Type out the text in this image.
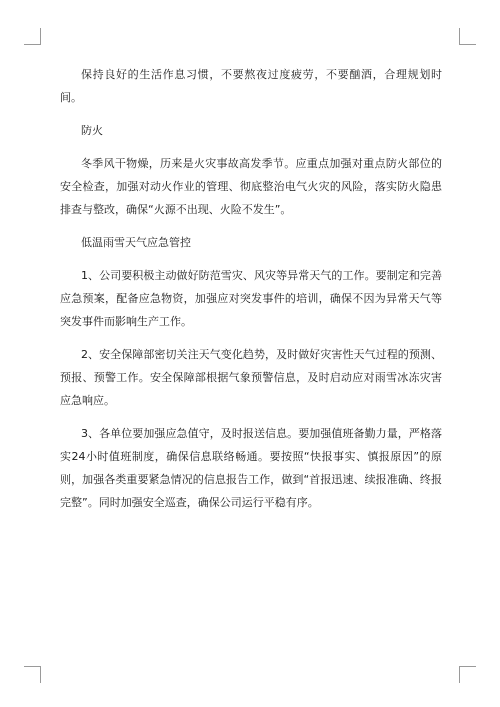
保持良好的生活作息习惯，不要熬夜过度疲劳，不要酗酒，合理规划时间。

防火

冬季风干物燥，历来是火灾事故高发季节。应重点加强对重点防火部位的安全检查，加强对动火作业的管理、彻底整治电气火灾的风险，落实防火隐患排查与整改，确保“火源不出现、火险不发生”。

低温雨雪天气应急管控

1、公司要积极主动做好防范雪灾、风灾等异常天气的工作。要制定和完善应急预案，配备应急物资，加强应对突发事件的培训，确保不因为异常天气等突发事件而影响生产工作。

2、安全保障部密切关注天气变化趋势，及时做好灾害性天气过程的预测、预报、预警工作。安全保障部根据气象预警信息，及时启动应对雨雪冰冻灾害应急响应。

3、各单位要加强应急值守，及时报送信息。要加强值班备勤力量，严格落实24小时值班制度，确保信息联络畅通。要按照“快报事实、慎报原因”的原则，加强各类重要紧急情况的信息报告工作，做到“首报迅速、续报准确、终报完整”。同时加强安全巡查，确保公司运行平稳有序。
